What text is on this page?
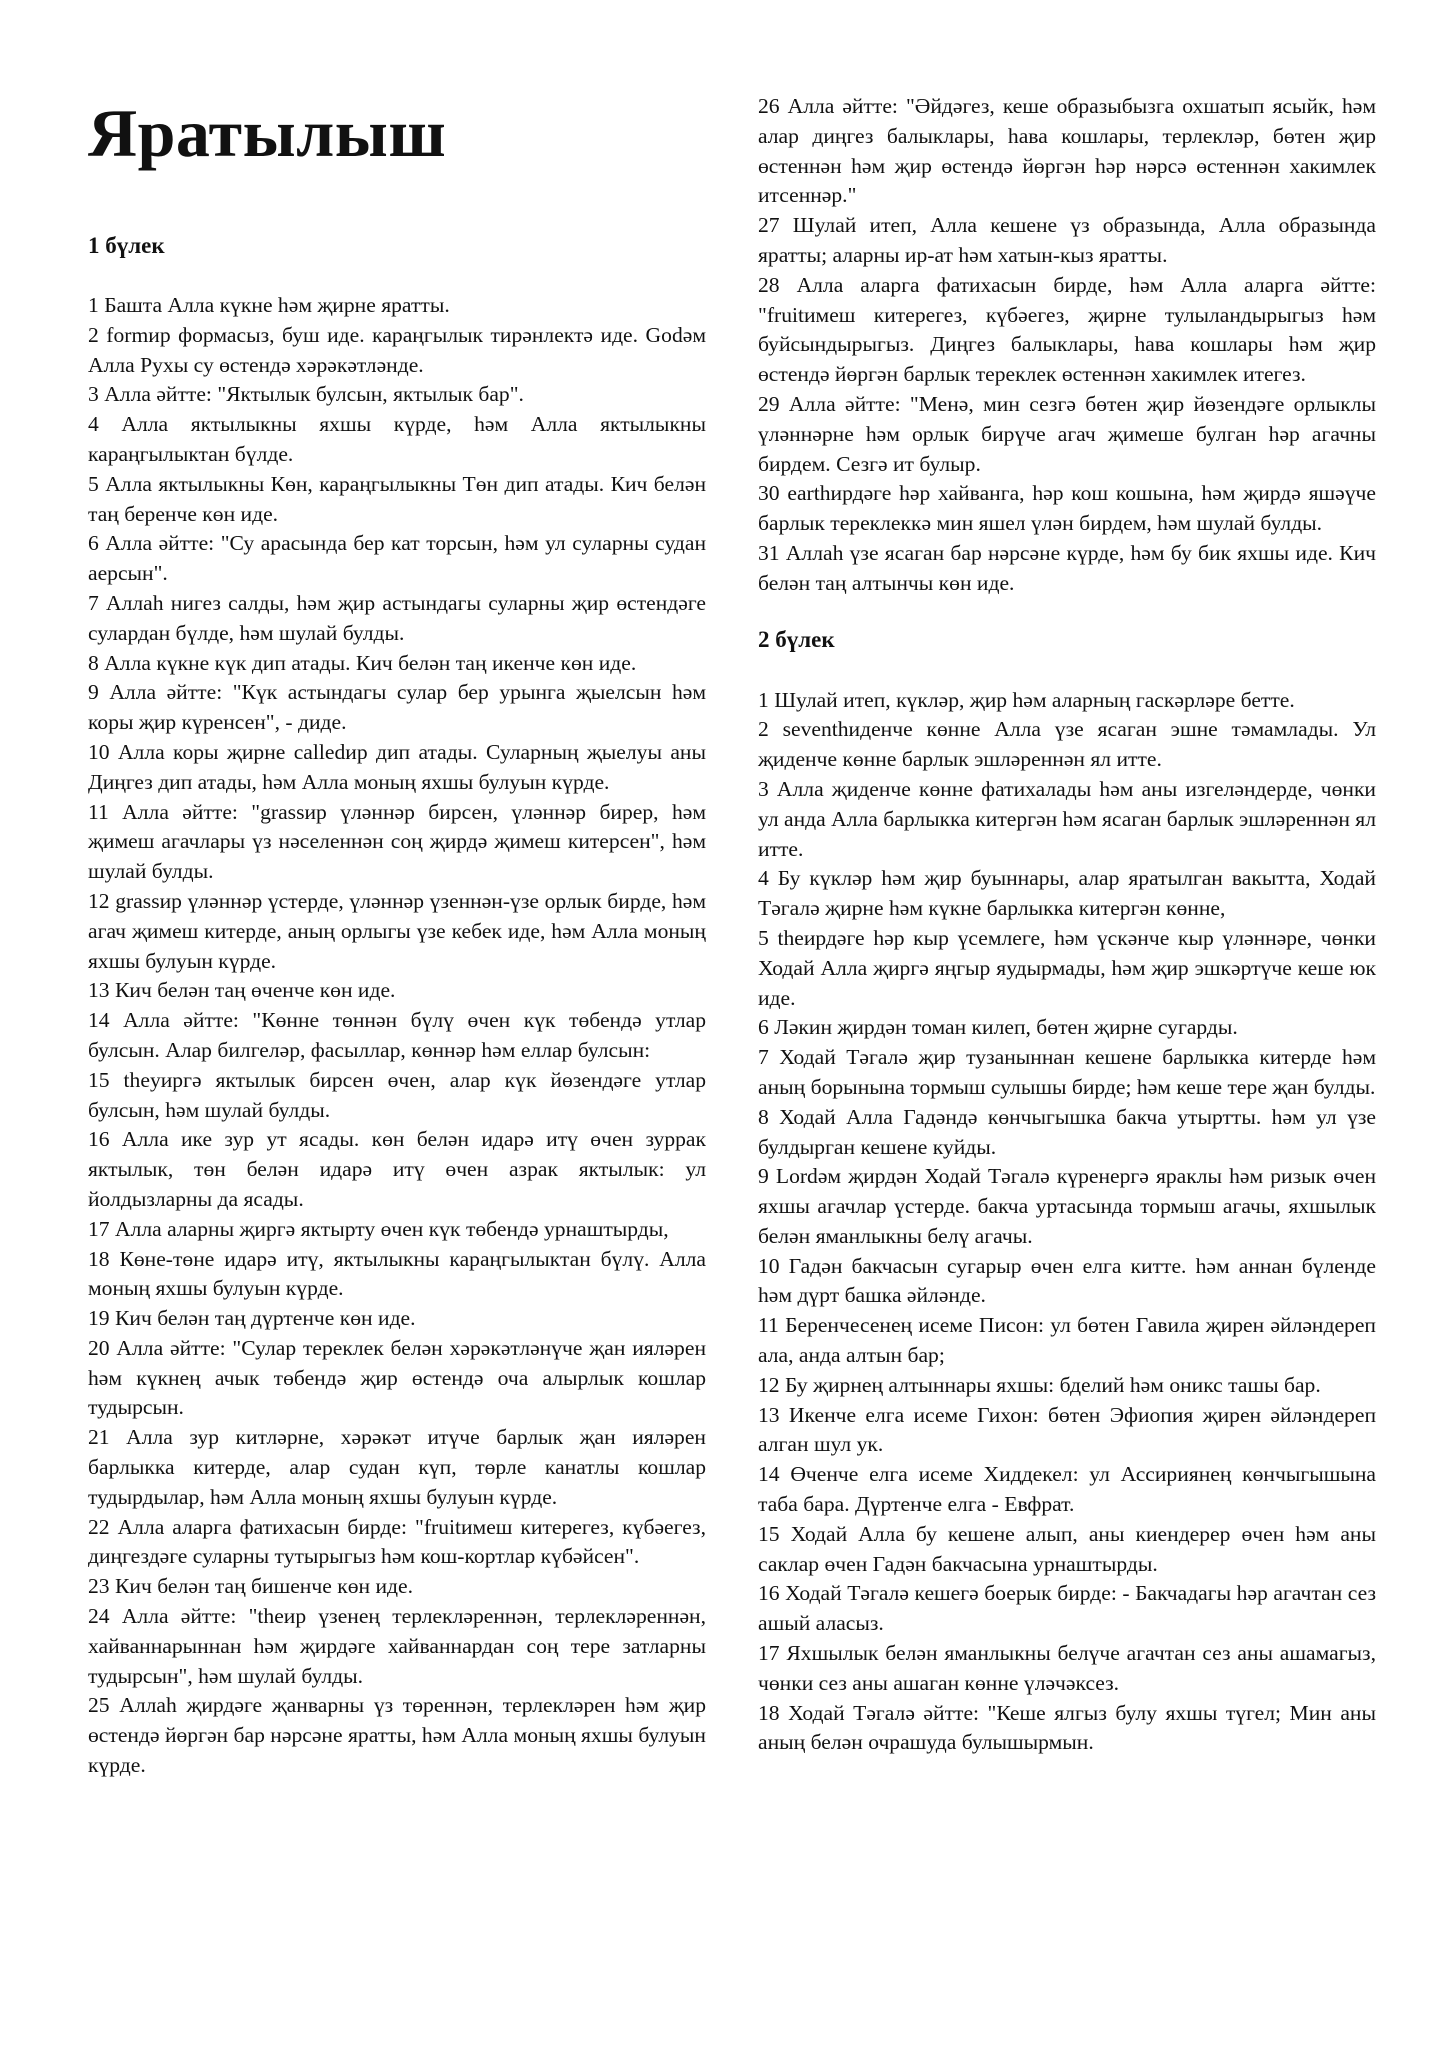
Яратылыш
1 бүлек
1 Башта Алла күкне һәм җирне яратты.
2 formир формасыз, буш иде. караңгылык тирәнлектә иде. Godәм Алла Рухы су өстендә хәрәкәтләнде.
3 Алла әйтте: "Яктылык булсын, яктылык бар".
4 Алла яктылыкны яхшы күрде, һәм Алла яктылыкны караңгылыктан бүлде.
5 Алла яктылыкны Көн, караңгылыкны Төн дип атады. Кич белән таң беренче көн иде.
6 Алла әйтте: "Су арасында бер кат торсын, һәм ул суларны судан аерсын".
7 Аллаһ нигез салды, һәм җир астындагы суларны җир өстендәге сулардан бүлде, һәм шулай булды.
8 Алла күкне күк дип атады. Кич белән таң икенче көн иде.
9 Алла әйтте: "Күк астындагы сулар бер урынга җыелсын һәм коры җир күренсен", - диде.
10 Алла коры җирне calledир дип атады. Суларның җыелуы аны Диңгез дип атады, һәм Алла моның яхшы булуын күрде.
11 Алла әйтте: "grassир үләннәр бирсен, үләннәр бирер, һәм җимеш агачлары үз нәселеннән соң җирдә җимеш китерсен", һәм шулай булды.
12 grassир үләннәр үстерде, үләннәр үзеннән-үзе орлык бирде, һәм агач җимеш китерде, аның орлыгы үзе кебек иде, һәм Алла моның яхшы булуын күрде.
13 Кич белән таң өченче көн иде.
14 Алла әйтте: "Көнне төннән бүлү өчен күк төбендә утлар булсын. Алар билгеләр, фасыллар, көннәр һәм еллар булсын:
15 theyиргә яктылык бирсен өчен, алар күк йөзендәге утлар булсын, һәм шулай булды.
16 Алла ике зур ут ясады. көн белән идарә итү өчен зуррак яктылык, төн белән идарә итү өчен азрак яктылык: ул йолдызларны да ясады.
17 Алла аларны җиргә яктырту өчен күк төбендә урнаштырды,
18 Көне-төне идарә итү, яктылыкны караңгылыктан бүлү. Алла моның яхшы булуын күрде.
19 Кич белән таң дүртенче көн иде.
20 Алла әйтте: "Сулар тереклек белән хәрәкәтләнүче җан ияләрен һәм күкнең ачык төбендә җир өстендә оча алырлык кошлар тудырсын.
21 Алла зур китләрне, хәрәкәт итүче барлык җан ияләрен барлыкка китерде, алар судан күп, төрле канатлы кошлар тудырдылар, һәм Алла моның яхшы булуын күрде.
22 Алла аларга фатихасын бирде: "fruitимеш китерегез, күбәегез, диңгездәге суларны тутырыгыз һәм кош-кортлар күбәйсен".
23 Кич белән таң бишенче көн иде.
24 Алла әйтте: "theир үзенең терлекләреннән, терлекләреннән, хайваннарыннан һәм җирдәге хайваннардан соң тере затларны тудырсын", һәм шулай булды.
25 Аллаһ җирдәге җанварны үз төреннән, терлекләрен һәм җир өстендә йөргән бар нәрсәне яратты, һәм Алла моның яхшы булуын күрде.
26 Алла әйтте: "Әйдәгез, кеше образыбызга охшатып ясыйк, һәм алар диңгез балыклары, һава кошлары, терлекләр, бөтен җир өстеннән һәм җир өстендә йөргән һәр нәрсә өстеннән хакимлек итсеннәр."
27 Шулай итеп, Алла кешене үз образында, Алла образында яратты; аларны ир-ат һәм хатын-кыз яратты.
28 Алла аларга фатихасын бирде, һәм Алла аларга әйтте: "fruitимеш китерегез, күбәегез, җирне тулыландырыгыз һәм буйсындырыгыз. Диңгез балыклары, һава кошлары һәм җир өстендә йөргән барлык тереклек өстеннән хакимлек итегез.
29 Алла әйтте: "Менә, мин сезгә бөтен җир йөзендәге орлыклы үләннәрне һәм орлык бирүче агач җимеше булган һәр агачны бирдем. Сезгә ит булыр.
30 earthирдәге һәр хайванга, һәр кош кошына, һәм җирдә яшәүче барлык тереклеккә мин яшел үлән бирдем, һәм шулай булды.
31 Аллаһ үзе ясаган бар нәрсәне күрде, һәм бу бик яхшы иде. Кич белән таң алтынчы көн иде.
2 бүлек
1 Шулай итеп, күкләр, җир һәм аларның гаскәрләре бетте.
2 seventhиденче көнне Алла үзе ясаган эшне тәмамлады. Ул җиденче көнне барлык эшләреннән ял итте.
3 Алла җиденче көнне фатихалады һәм аны изгеләндерде, чөнки ул анда Алла барлыкка китергән һәм ясаган барлык эшләреннән ял итте.
4 Бу күкләр һәм җир буыннары, алар яратылган вакытта, Ходай Тәгалә җирне һәм күкне барлыкка китергән көнне,
5 theирдәге һәр кыр үсемлеге, һәм үскәнче кыр үләннәре, чөнки Ходай Алла җиргә яңгыр яудырмады, һәм җир эшкәртүче кеше юк иде.
6 Ләкин җирдән томан килеп, бөтен җирне сугарды.
7 Ходай Тәгалә җир тузаныннан кешене барлыкка китерде һәм аның борынына тормыш сулышы бирде; һәм кеше тере җан булды.
8 Ходай Алла Гадәндә көнчыгышка бакча утыртты. һәм ул үзе булдырган кешене куйды.
9 Lordәм җирдән Ходай Тәгалә күренергә яраклы һәм ризык өчен яхшы агачлар үстерде. бакча уртасында тормыш агачы, яхшылык белән яманлыкны белү агачы.
10 Гадән бакчасын сугарыр өчен елга китте. һәм аннан бүленде һәм дүрт башка әйләнде.
11 Беренчесенең исеме Писон: ул бөтен Гавила җирен әйләндереп ала, анда алтын бар;
12 Бу җирнең алтыннары яхшы: бделий һәм оникс ташы бар.
13 Икенче елга исеме Гихон: бөтен Эфиопия җирен әйләндереп алган шул ук.
14 Өченче елга исеме Хиддекел: ул Ассириянең көнчыгышына таба бара. Дүртенче елга - Евфрат.
15 Ходай Алла бу кешене алып, аны киендерер өчен һәм аны саклар өчен Гадән бакчасына урнаштырды.
16 Ходай Тәгалә кешегә боерык бирде: - Бакчадагы һәр агачтан сез ашый аласыз.
17 Яхшылык белән яманлыкны белүче агачтан сез аны ашамагыз, чөнки сез аны ашаган көнне үләчәксез.
18 Ходай Тәгалә әйтте: "Кеше ялгыз булу яхшы түгел; Мин аны аның белән очрашуда булышырмын.
